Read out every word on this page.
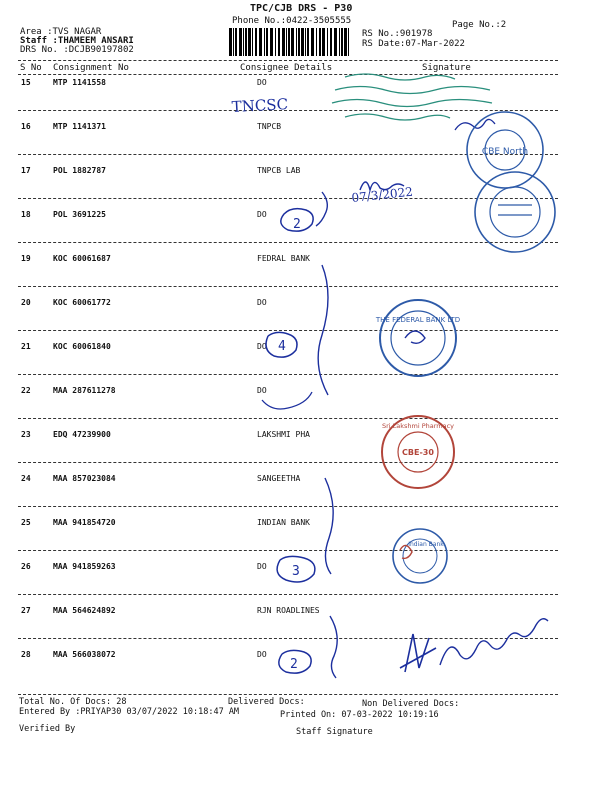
TPC/CJB DRS - P30
Phone No.:0422-3505555	Page No.:2
Area :TVS NAGAR
Staff :THAMEEM ANSARI
DRS No. :DCJB90197802
RS No.:901978
RS Date:07-Mar-2022
S No Consignment No	Consignee Details	Signature
15	MTP 1141558	DO
16	MTP 1141371	TNPCB
17	POL 1882787	TNPCB LAB
18	POL 3691225	DO
19	KOC 60061687	FEDRAL BANK
20	KOC 60061772	DO
21	KOC 60061840	DO
22	MAA 287611278	DO
23	EDQ 47239900	LAKSHMI PHA
24	MAA 857023084	SANGEETHA
25	MAA 941854720	INDIAN BANK
26	MAA 941859263	DO
27	MAA 564624892	RJN ROADLINES
28	MAA 566038072	DO
TNCSC
CBE North
07/3/2022
2
4
THE FEDERAL BANK LTD
Sri Lakshmi Pharmacy
CBE-30
3
Indian Bank
2
Total No. Of Docs: 28	Delivered Docs:	Non Delivered Docs:
Entered By :PRIYAP30 03/07/2022 10:18:47 AM	Printed On: 07-03-2022 10:19:16
Verified By	Staff Signature
